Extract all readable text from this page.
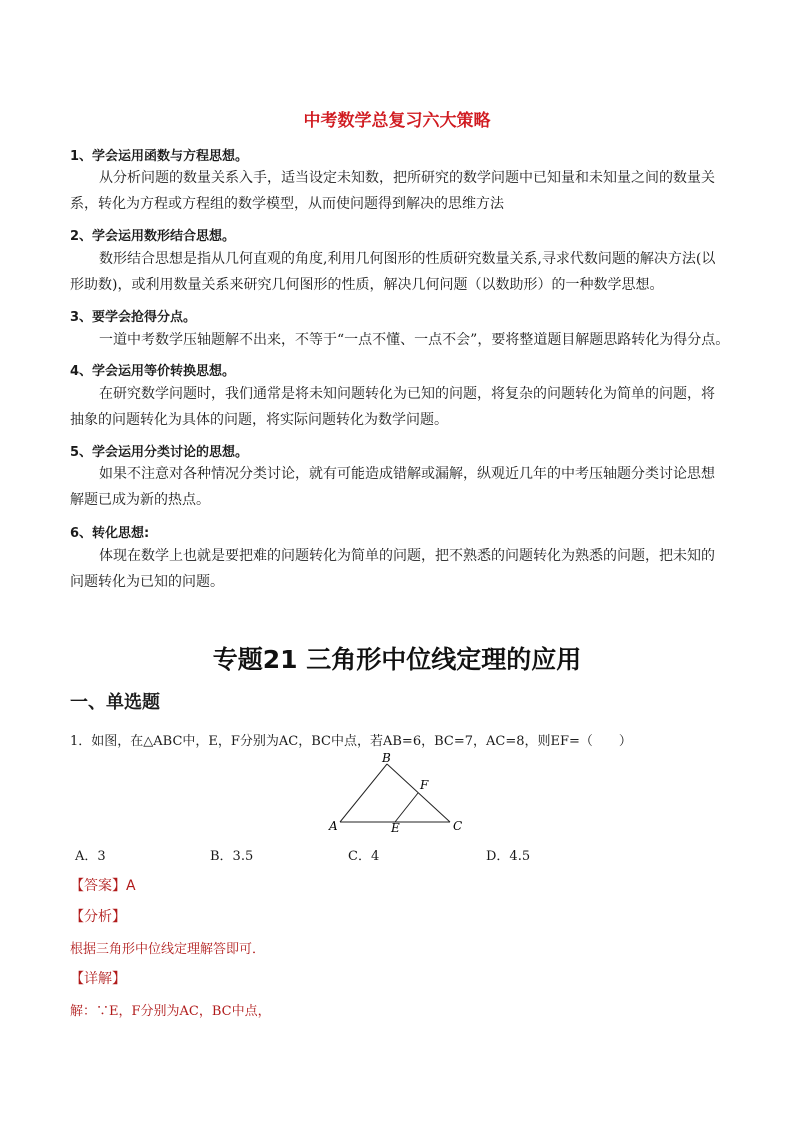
中考数学总复习六大策略
1、学会运用函数与方程思想。
从分析问题的数量关系入手，适当设定未知数，把所研究的数学问题中已知量和未知量之间的数量关
系，转化为方程或方程组的数学模型，从而使问题得到解决的思维方法
2、学会运用数形结合思想。
数形结合思想是指从几何直观的角度,利用几何图形的性质研究数量关系,寻求代数问题的解决方法(以
形助数)，或利用数量关系来研究几何图形的性质，解决几何问题（以数助形）的一种数学思想。
3、要学会抢得分点。
一道中考数学压轴题解不出来，不等于“一点不懂、一点不会”，要将整道题目解题思路转化为得分点。
4、学会运用等价转换思想。
在研究数学问题时，我们通常是将未知问题转化为已知的问题，将复杂的问题转化为简单的问题，将
抽象的问题转化为具体的问题，将实际问题转化为数学问题。
5、学会运用分类讨论的思想。
如果不注意对各种情况分类讨论，就有可能造成错解或漏解，纵观近几年的中考压轴题分类讨论思想
解题已成为新的热点。
6、转化思想:
体现在数学上也就是要把难的问题转化为简单的问题，把不熟悉的问题转化为熟悉的问题，把未知的
问题转化为已知的问题。
专题21 三角形中位线定理的应用
一、单选题
1．如图，在△ABC中，E，F分别为AC，BC中点，若AB=6，BC=7，AC=8，则EF=（　　）
B
F
A	E	C
A．3	B．3.5	C．4	D．4.5
【答案】A
【分析】
根据三角形中位线定理解答即可．
【详解】
解：∵E，F分别为AC，BC中点，
